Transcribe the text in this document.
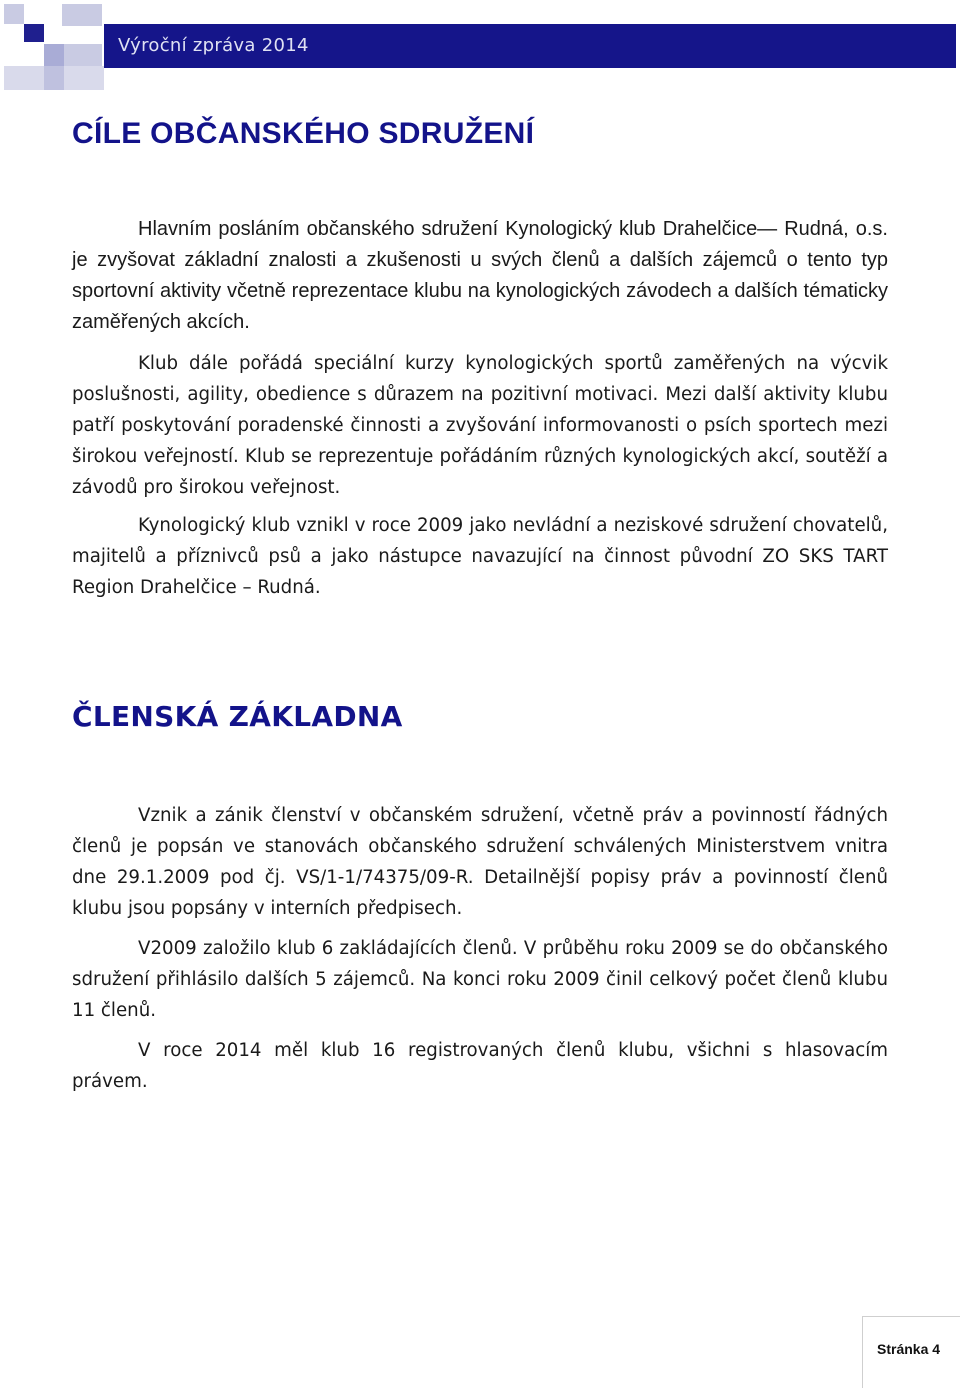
Výroční zpráva 2014
CÍLE OBČANSKÉHO SDRUŽENÍ

Hlavním posláním občanského sdružení Kynologický klub Drahelčice— Rudná, o.s. je zvyšovat základní znalosti a zkušenosti u svých členů a dalších zájemců o tento typ sportovní aktivity včetně reprezentace klubu na kynologických závodech a dalších tématicky zaměřených akcích.

Klub dále pořádá speciální kurzy kynologických sportů zaměřených na výcvik poslušnosti, agility, obedience s důrazem na pozitivní motivaci. Mezi další aktivity klubu patří poskytování poradenské činnosti a zvyšování informovanosti o psích sportech mezi širokou veřejností. Klub se reprezentuje pořádáním různých kynologických akcí, soutěží a závodů pro širokou veřejnost.

Kynologický klub vznikl v roce 2009 jako nevládní a neziskové sdružení chovatelů, majitelů a příznivců psů a jako nástupce navazující na činnost původní ZO SKS TART Region Drahelčice – Rudná.

ČLENSKÁ ZÁKLADNA

Vznik a zánik členství v občanském sdružení, včetně práv a povinností řádných členů je popsán ve stanovách občanského sdružení schválených Ministerstvem vnitra dne 29.1.2009 pod čj. VS/1-1/74375/09-R. Detailnější popisy práv a povinností členů klubu jsou popsány v interních předpisech.

V2009 založilo klub 6 zakládajících členů. V průběhu roku 2009 se do občanského sdružení přihlásilo dalších 5 zájemců. Na konci roku 2009 činil celkový počet členů klubu 11 členů.

V roce 2014 měl klub 16 registrovaných členů klubu, všichni s hlasovacím právem.

Stránka 4
